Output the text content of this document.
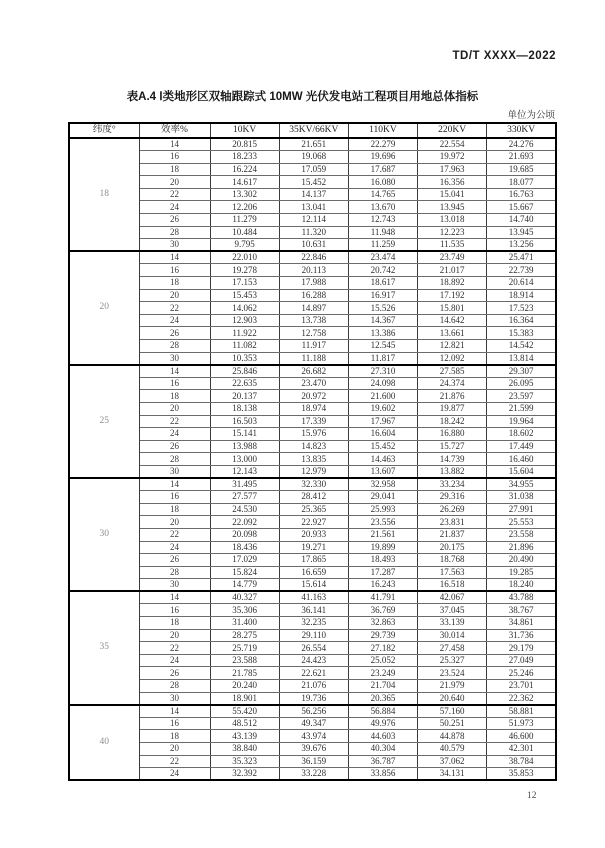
TD/T XXXX—2022
表A.4 Ⅰ类地形区双轴跟踪式 10MW 光伏发电站工程项目用地总体指标
单位为公顷
纬度°	效率%	10KV	35KV/66KV	110KV	220KV	330KV
18	14	20.815	21.651	22.279	22.554	24.276
	16	18.233	19.068	19.696	19.972	21.693
	18	16.224	17.059	17.687	17.963	19.685
	20	14.617	15.452	16.080	16.356	18.077
	22	13.302	14.137	14.765	15.041	16.763
	24	12.206	13.041	13.670	13.945	15.667
	26	11.279	12.114	12.743	13.018	14.740
	28	10.484	11.320	11.948	12.223	13.945
	30	9.795	10.631	11.259	11.535	13.256
20	14	22.010	22.846	23.474	23.749	25.471
	16	19.278	20.113	20.742	21.017	22.739
	18	17.153	17.988	18.617	18.892	20.614
	20	15.453	16.288	16.917	17.192	18.914
	22	14.062	14.897	15.526	15.801	17.523
	24	12.903	13.738	14.367	14.642	16.364
	26	11.922	12.758	13.386	13.661	15.383
	28	11.082	11.917	12.545	12.821	14.542
	30	10.353	11.188	11.817	12.092	13.814
25	14	25.846	26.682	27.310	27.585	29.307
	16	22.635	23.470	24.098	24.374	26.095
	18	20.137	20.972	21.600	21.876	23.597
	20	18.138	18.974	19.602	19.877	21.599
	22	16.503	17.339	17.967	18.242	19.964
	24	15.141	15.976	16.604	16.880	18.602
	26	13.988	14.823	15.452	15.727	17.449
	28	13.000	13.835	14.463	14.739	16.460
	30	12.143	12.979	13.607	13.882	15.604
30	14	31.495	32.330	32.958	33.234	34.955
	16	27.577	28.412	29.041	29.316	31.038
	18	24.530	25.365	25.993	26.269	27.991
	20	22.092	22.927	23.556	23.831	25.553
	22	20.098	20.933	21.561	21.837	23.558
	24	18.436	19.271	19.899	20.175	21.896
	26	17.029	17.865	18.493	18.768	20.490
	28	15.824	16.659	17.287	17.563	19.285
	30	14.779	15.614	16.243	16.518	18.240
35	14	40.327	41.163	41.791	42.067	43.788
	16	35.306	36.141	36.769	37.045	38.767
	18	31.400	32.235	32.863	33.139	34.861
	20	28.275	29.110	29.739	30.014	31.736
	22	25.719	26.554	27.182	27.458	29.179
	24	23.588	24.423	25.052	25.327	27.049
	26	21.785	22.621	23.249	23.524	25.246
	28	20.240	21.076	21.704	21.979	23.701
	30	18.901	19.736	20.365	20.640	22.362
40	14	55.420	56.256	56.884	57.160	58.881
	16	48.512	49.347	49.976	50.251	51.973
	18	43.139	43.974	44.603	44.878	46.600
	20	38.840	39.676	40.304	40.579	42.301
	22	35.323	36.159	36.787	37.062	38.784
	24	32.392	33.228	33.856	34.131	35.853
12
